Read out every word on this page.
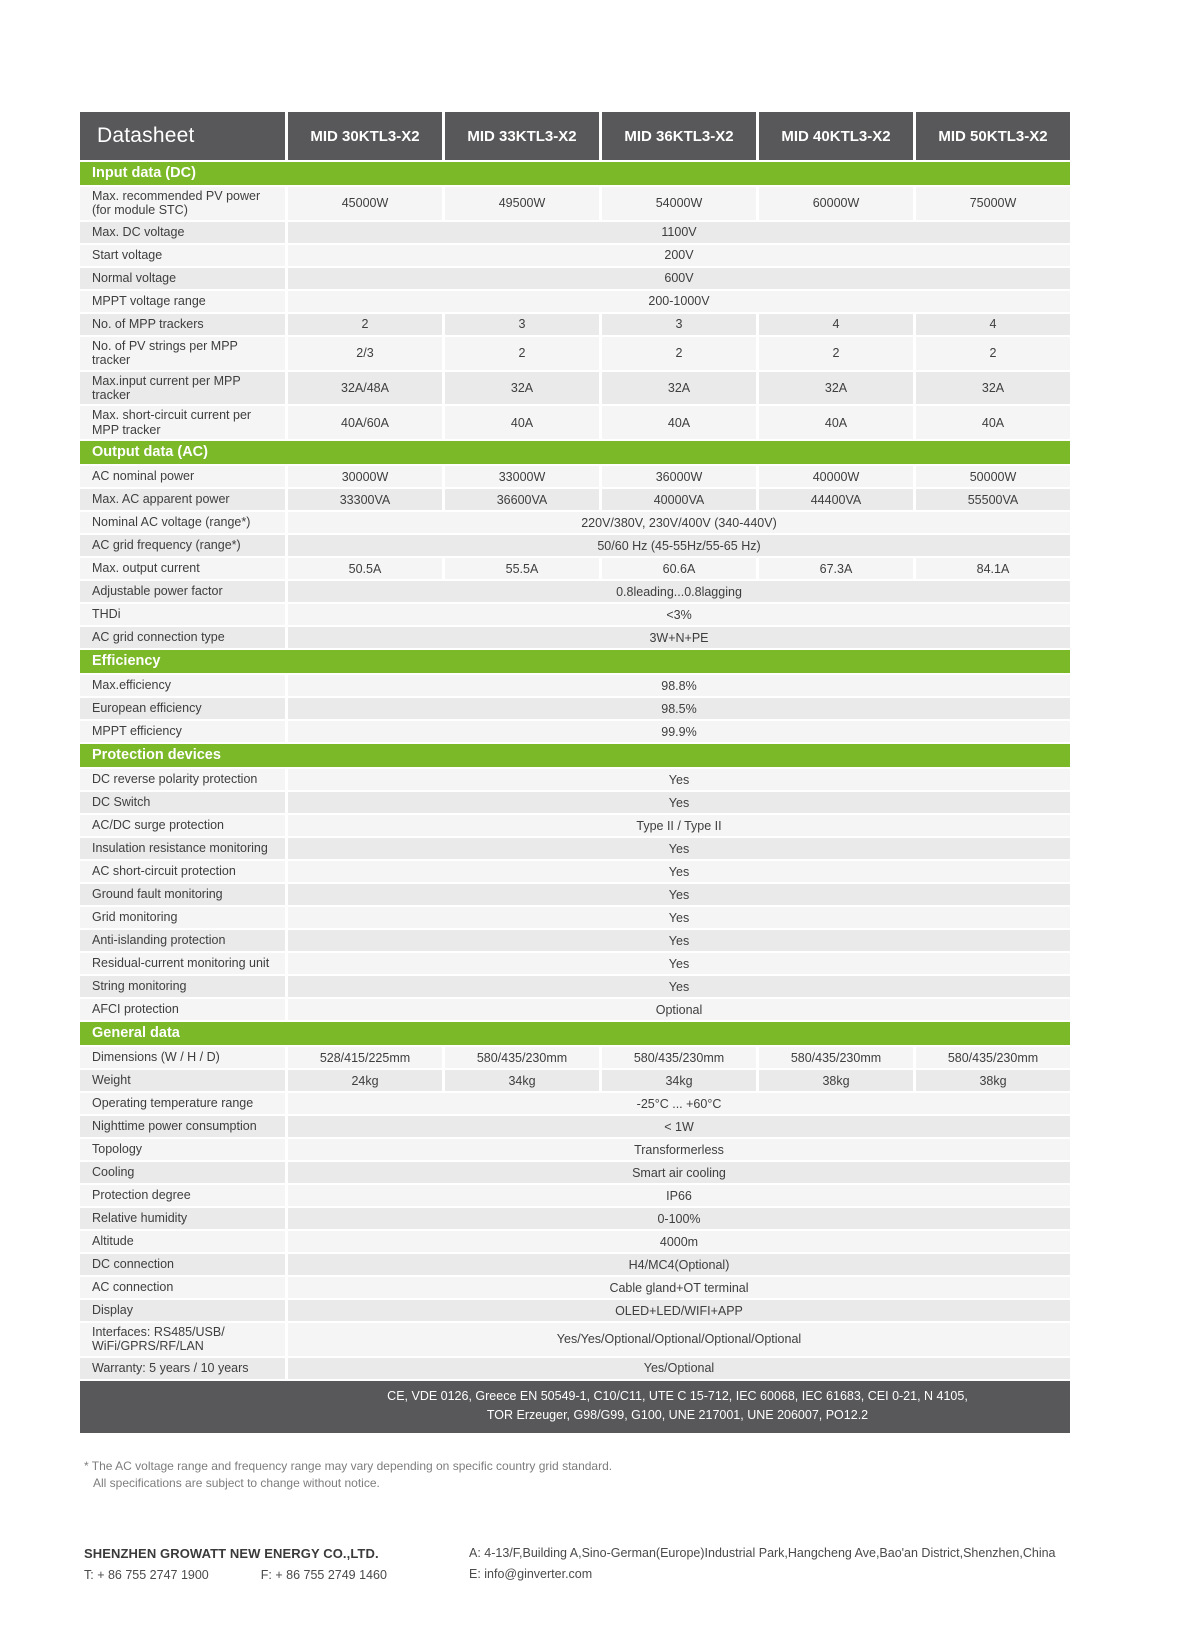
Datasheet	MID 30KTL3-X2	MID 33KTL3-X2	MID 36KTL3-X2	MID 40KTL3-X2	MID 50KTL3-X2
Input data (DC)
Max. recommended PV power (for module STC)	45000W	49500W	54000W	60000W	75000W
Max. DC voltage	1100V
Start voltage	200V
Normal voltage	600V
MPPT voltage range	200-1000V
No. of MPP trackers	2	3	3	4	4
No. of PV strings per MPP tracker	2/3	2	2	2	2
Max.input current per MPP tracker	32A/48A	32A	32A	32A	32A
Max. short-circuit current per MPP tracker	40A/60A	40A	40A	40A	40A
Output data (AC)
AC nominal power	30000W	33000W	36000W	40000W	50000W
Max. AC apparent power	33300VA	36600VA	40000VA	44400VA	55500VA
Nominal AC voltage (range*)	220V/380V, 230V/400V (340-440V)
AC grid frequency (range*)	50/60 Hz (45-55Hz/55-65 Hz)
Max. output current	50.5A	55.5A	60.6A	67.3A	84.1A
Adjustable power factor	0.8leading...0.8lagging
THDi	<3%
AC grid connection type	3W+N+PE
Efficiency
Max.efficiency	98.8%
European efficiency	98.5%
MPPT efficiency	99.9%
Protection devices
DC reverse polarity protection	Yes
DC Switch	Yes
AC/DC surge protection	Type II / Type II
Insulation resistance monitoring	Yes
AC short-circuit protection	Yes
Ground fault monitoring	Yes
Grid monitoring	Yes
Anti-islanding protection	Yes
Residual-current monitoring unit	Yes
String monitoring	Yes
AFCI protection	Optional
General data
Dimensions (W / H / D)	528/415/225mm	580/435/230mm	580/435/230mm	580/435/230mm	580/435/230mm
Weight	24kg	34kg	34kg	38kg	38kg
Operating temperature range	-25°C ... +60°C
Nighttime power consumption	< 1W
Topology	Transformerless
Cooling	Smart air cooling
Protection degree	IP66
Relative humidity	0-100%
Altitude	4000m
DC connection	H4/MC4(Optional)
AC connection	Cable gland+OT terminal
Display	OLED+LED/WIFI+APP
Interfaces: RS485/USB/ WiFi/GPRS/RF/LAN	Yes/Yes/Optional/Optional/Optional/Optional
Warranty: 5 years / 10 years	Yes/Optional
CE, VDE 0126, Greece EN 50549-1, C10/C11, UTE C 15-712, IEC 60068, IEC 61683, CEI 0-21, N 4105,
TOR Erzeuger, G98/G99, G100, UNE 217001, UNE 206007, PO12.2
* The AC voltage range and frequency range may vary depending on specific country grid standard.
All specifications are subject to change without notice.
SHENZHEN GROWATT NEW ENERGY CO.,LTD.
T: + 86 755 2747 1900	F: + 86 755 2749 1460
A: 4-13/F,Building A,Sino-German(Europe)Industrial Park,Hangcheng Ave,Bao'an District,Shenzhen,China
E: info@ginverter.com
